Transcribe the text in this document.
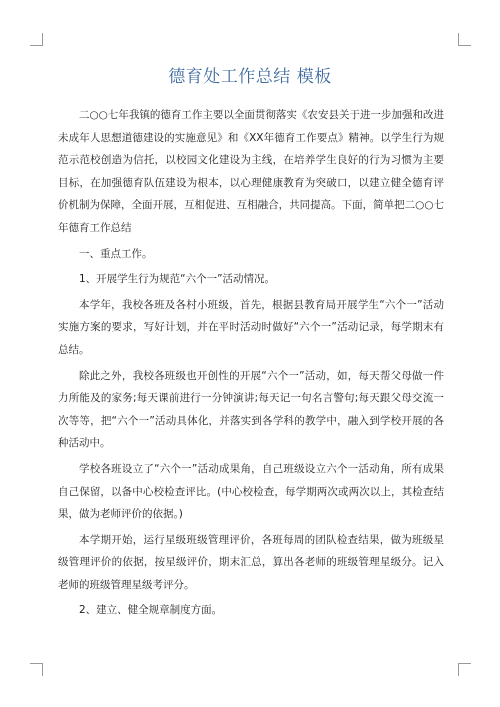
德育处工作总结 模板

二○○七年我镇的德育工作主要以全面贯彻落实《农安县关于进一步加强和改进未成年人思想道德建设的实施意见》和《XX年德育工作要点》精神。以学生行为规范示范校创造为信托，以校园文化建设为主线，在培养学生良好的行为习惯为主要目标，在加强德育队伍建设为根本，以心理健康教育为突破口，以建立健全德育评价机制为保障，全面开展，互相促进、互相融合，共同提高。下面，简单把二○○七年德育工作总结

一、重点工作。

1、开展学生行为规范“六个一”活动情况。

本学年，我校各班及各村小班级，首先，根据县教育局开展学生“六个一”活动实施方案的要求，写好计划，并在平时活动时做好“六个一”活动记录，每学期末有总结。

除此之外，我校各班级也开创性的开展“六个一”活动，如，每天帮父母做一件力所能及的家务;每天课前进行一分钟演讲;每天记一句名言警句;每天跟父母交流一次等等，把“六个一”活动具体化，并落实到各学科的教学中，融入到学校开展的各种活动中。

学校各班设立了“六个一”活动成果角，自己班级设立六个一活动角，所有成果自己保留，以备中心校检查评比。(中心校检查，每学期两次或两次以上，其检查结果，做为老师评价的依据。)

本学期开始，运行星级班级管理评价，各班每周的团队检查结果，做为班级星级管理评价的依据，按星级评价，期末汇总，算出各老师的班级管理星级分。记入老师的班级管理星级考评分。

2、建立、健全规章制度方面。
